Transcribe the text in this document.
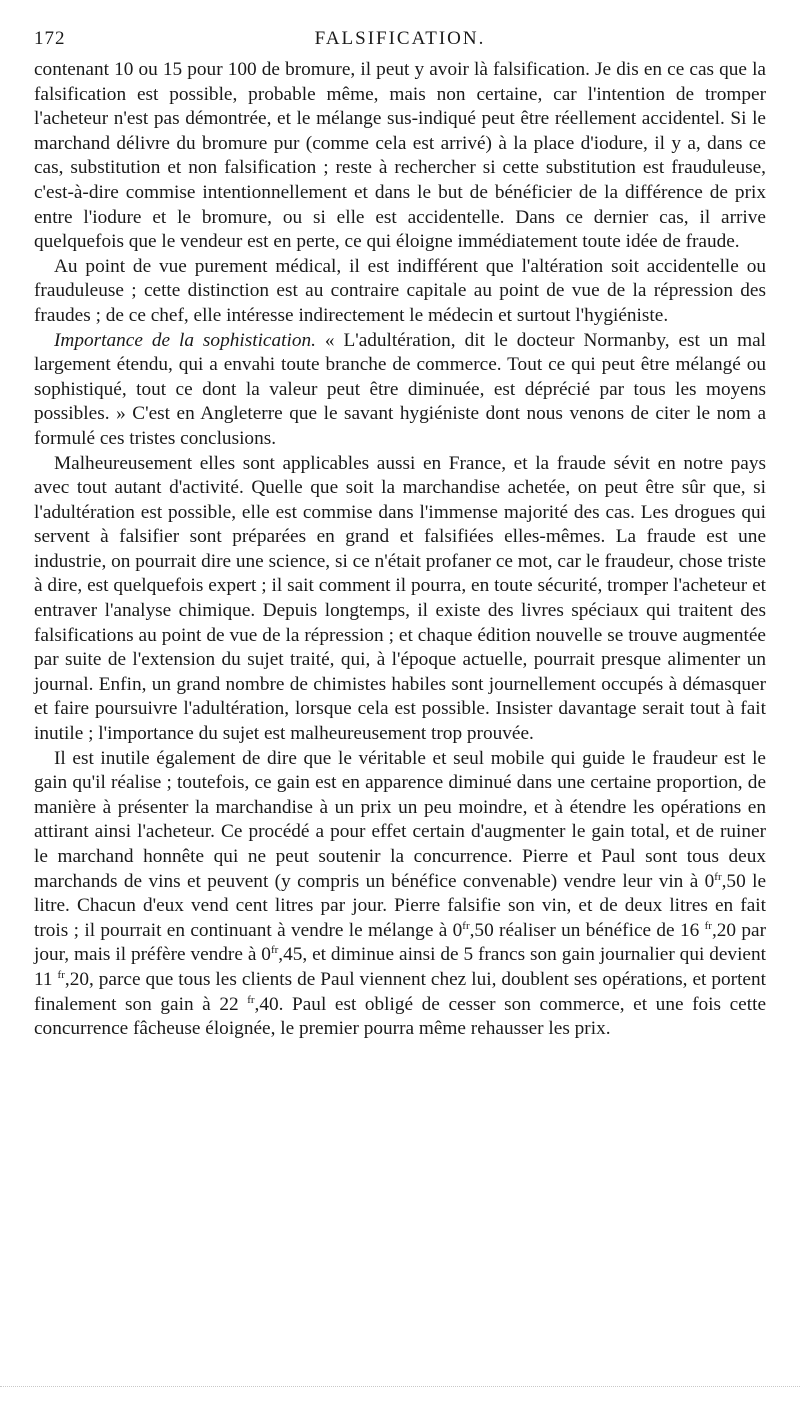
172	FALSIFICATION.

contenant 10 ou 15 pour 100 de bromure, il peut y avoir là falsification. Je dis en ce cas que la falsification est possible, probable même, mais non certaine, car l'intention de tromper l'acheteur n'est pas démontrée, et le mélange sus-indiqué peut être réellement accidentel. Si le marchand délivre du bromure pur (comme cela est arrivé) à la place d'iodure, il y a, dans ce cas, substitution et non falsification ; reste à rechercher si cette substitution est frauduleuse, c'est-à-dire commise intentionnellement et dans le but de bénéficier de la différence de prix entre l'iodure et le bromure, ou si elle est accidentelle. Dans ce dernier cas, il arrive quelquefois que le vendeur est en perte, ce qui éloigne immédiatement toute idée de fraude.

Au point de vue purement médical, il est indifférent que l'altération soit accidentelle ou frauduleuse ; cette distinction est au contraire capitale au point de vue de la répression des fraudes ; de ce chef, elle intéresse indirectement le médecin et surtout l'hygiéniste.

Importance de la sophistication. « L'adultération, dit le docteur Normanby, est un mal largement étendu, qui a envahi toute branche de commerce. Tout ce qui peut être mélangé ou sophistiqué, tout ce dont la valeur peut être diminuée, est déprécié par tous les moyens possibles. » C'est en Angleterre que le savant hygiéniste dont nous venons de citer le nom a formulé ces tristes conclusions.

Malheureusement elles sont applicables aussi en France, et la fraude sévit en notre pays avec tout autant d'activité. Quelle que soit la marchandise achetée, on peut être sûr que, si l'adultération est possible, elle est commise dans l'immense majorité des cas. Les drogues qui servent à falsifier sont préparées en grand et falsifiées elles-mêmes. La fraude est une industrie, on pourrait dire une science, si ce n'était profaner ce mot, car le fraudeur, chose triste à dire, est quelquefois expert ; il sait comment il pourra, en toute sécurité, tromper l'acheteur et entraver l'analyse chimique. Depuis longtemps, il existe des livres spéciaux qui traitent des falsifications au point de vue de la répression ; et chaque édition nouvelle se trouve augmentée par suite de l'extension du sujet traité, qui, à l'époque actuelle, pourrait presque alimenter un journal. Enfin, un grand nombre de chimistes habiles sont journellement occupés à démasquer et faire poursuivre l'adultération, lorsque cela est possible. Insister davantage serait tout à fait inutile ; l'importance du sujet est malheureusement trop prouvée.

Il est inutile également de dire que le véritable et seul mobile qui guide le fraudeur est le gain qu'il réalise ; toutefois, ce gain est en apparence diminué dans une certaine proportion, de manière à présenter la marchandise à un prix un peu moindre, et à étendre les opérations en attirant ainsi l'acheteur. Ce procédé a pour effet certain d'augmenter le gain total, et de ruiner le marchand honnête qui ne peut soutenir la concurrence. Pierre et Paul sont tous deux marchands de vins et peuvent (y compris un bénéfice convenable) vendre leur vin à $0^{fr},50$ le litre. Chacun d'eux vend cent litres par jour. Pierre falsifie son vin, et de deux litres en fait trois ; il pourrait en continuant à vendre le mélange à $0^{fr},50$ réaliser un bénéfice de 16 $^{fr}$,20 par jour, mais il préfère vendre à $0^{fr},45$, et diminue ainsi de 5 francs son gain journalier qui devient 11 $^{fr}$,20, parce que tous les clients de Paul viennent chez lui, doublent ses opérations, et portent finalement son gain à 22 $^{fr}$,40. Paul est obligé de cesser son commerce, et une fois cette concurrence fâcheuse éloignée, le premier pourra même rehausser les prix.
